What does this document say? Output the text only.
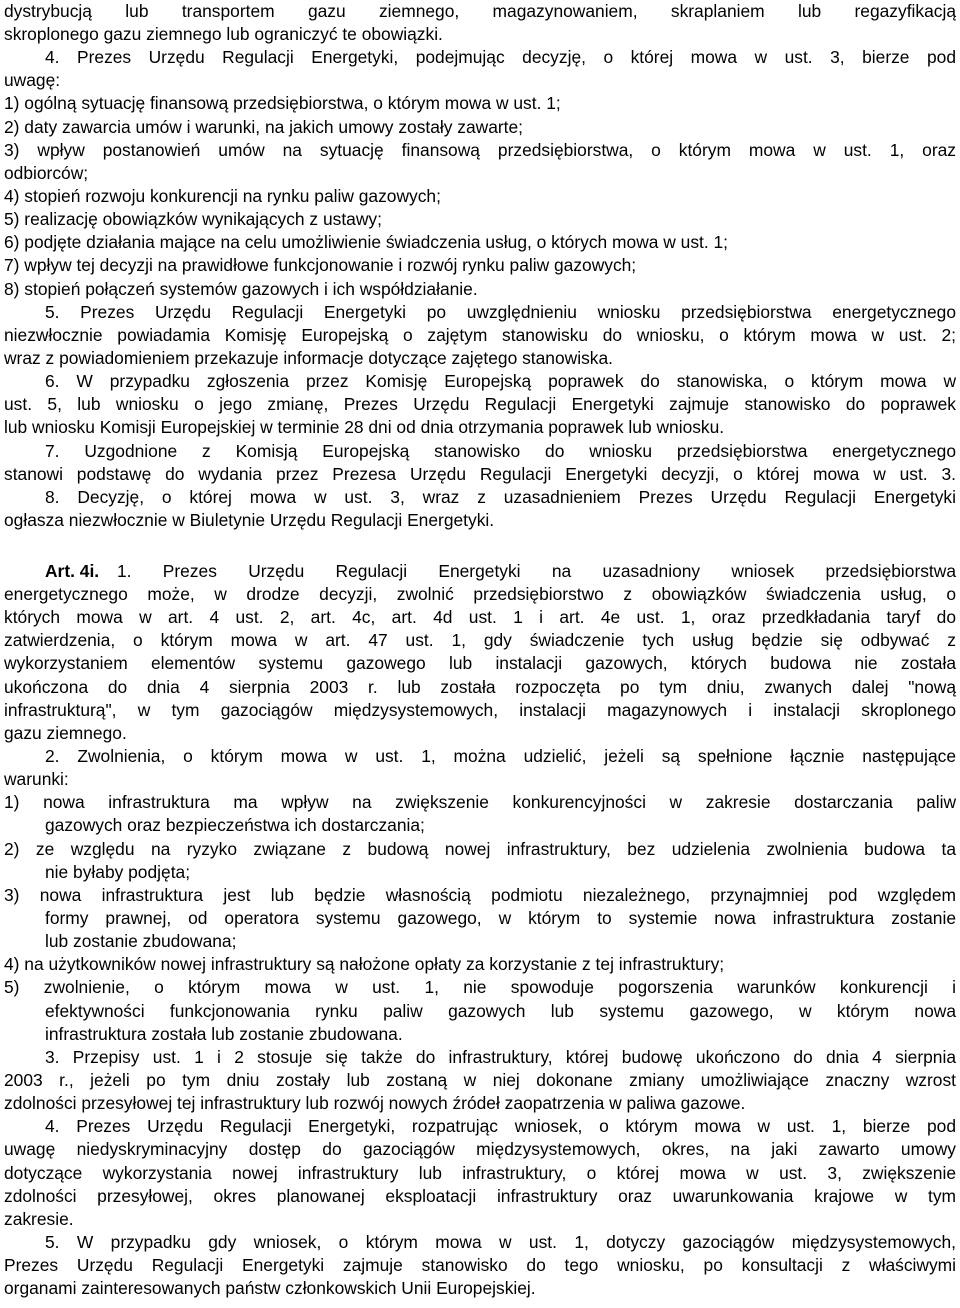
dystrybucją lub transportem gazu ziemnego, magazynowaniem, skraplaniem lub regazyfikacją
skroplonego gazu ziemnego lub ograniczyć te obowiązki.
4. Prezes Urzędu Regulacji Energetyki, podejmując decyzję, o której mowa w ust. 3, bierze pod
uwagę:
1) ogólną sytuację finansową przedsiębiorstwa, o którym mowa w ust. 1;
2) daty zawarcia umów i warunki, na jakich umowy zostały zawarte;
3) wpływ postanowień umów na sytuację finansową przedsiębiorstwa, o którym mowa w ust. 1, oraz
odbiorców;
4) stopień rozwoju konkurencji na rynku paliw gazowych;
5) realizację obowiązków wynikających z ustawy;
6) podjęte działania mające na celu umożliwienie świadczenia usług, o których mowa w ust. 1;
7) wpływ tej decyzji na prawidłowe funkcjonowanie i rozwój rynku paliw gazowych;
8) stopień połączeń systemów gazowych i ich współdziałanie.
5. Prezes Urzędu Regulacji Energetyki po uwzględnieniu wniosku przedsiębiorstwa energetycznego
niezwłocznie powiadamia Komisję Europejską o zajętym stanowisku do wniosku, o którym mowa w ust. 2;
wraz z powiadomieniem przekazuje informacje dotyczące zajętego stanowiska.
6. W przypadku zgłoszenia przez Komisję Europejską poprawek do stanowiska, o którym mowa w
ust. 5, lub wniosku o jego zmianę, Prezes Urzędu Regulacji Energetyki zajmuje stanowisko do poprawek
lub wniosku Komisji Europejskiej w terminie 28 dni od dnia otrzymania poprawek lub wniosku.
7. Uzgodnione z Komisją Europejską stanowisko do wniosku przedsiębiorstwa energetycznego
stanowi podstawę do wydania przez Prezesa Urzędu Regulacji Energetyki decyzji, o której mowa w ust. 3.
8. Decyzję, o której mowa w ust. 3, wraz z uzasadnieniem Prezes Urzędu Regulacji Energetyki
ogłasza niezwłocznie w Biuletynie Urzędu Regulacji Energetyki.
Art. 4i.	1. Prezes Urzędu Regulacji Energetyki na uzasadniony wniosek przedsiębiorstwa
energetycznego może, w drodze decyzji, zwolnić przedsiębiorstwo z obowiązków świadczenia usług, o
których mowa w art. 4 ust. 2, art. 4c, art. 4d ust. 1 i art. 4e ust. 1, oraz przedkładania taryf do
zatwierdzenia, o którym mowa w art. 47 ust. 1, gdy świadczenie tych usług będzie się odbywać z
wykorzystaniem elementów systemu gazowego lub instalacji gazowych, których budowa nie została
ukończona do dnia 4 sierpnia 2003 r. lub została rozpoczęta po tym dniu, zwanych dalej "nową
infrastrukturą", w tym gazociągów międzysystemowych, instalacji magazynowych i instalacji skroplonego
gazu ziemnego.
2. Zwolnienia, o którym mowa w ust. 1, można udzielić, jeżeli są spełnione łącznie następujące
warunki:
1) nowa infrastruktura ma wpływ na zwiększenie konkurencyjności w zakresie dostarczania paliw
gazowych oraz bezpieczeństwa ich dostarczania;
2) ze względu na ryzyko związane z budową nowej infrastruktury, bez udzielenia zwolnienia budowa ta
nie byłaby podjęta;
3) nowa infrastruktura jest lub będzie własnością podmiotu niezależnego, przynajmniej pod względem
formy prawnej, od operatora systemu gazowego, w którym to systemie nowa infrastruktura zostanie
lub zostanie zbudowana;
4) na użytkowników nowej infrastruktury są nałożone opłaty za korzystanie z tej infrastruktury;
5) zwolnienie, o którym mowa w ust. 1, nie spowoduje pogorszenia warunków konkurencji i
efektywności funkcjonowania rynku paliw gazowych lub systemu gazowego, w którym nowa
infrastruktura została lub zostanie zbudowana.
3. Przepisy ust. 1 i 2 stosuje się także do infrastruktury, której budowę ukończono do dnia 4 sierpnia
2003 r., jeżeli po tym dniu zostały lub zostaną w niej dokonane zmiany umożliwiające znaczny wzrost
zdolności przesyłowej tej infrastruktury lub rozwój nowych źródeł zaopatrzenia w paliwa gazowe.
4. Prezes Urzędu Regulacji Energetyki, rozpatrując wniosek, o którym mowa w ust. 1, bierze pod
uwagę niedyskryminacyjny dostęp do gazociągów międzysystemowych, okres, na jaki zawarto umowy
dotyczące wykorzystania nowej infrastruktury lub infrastruktury, o której mowa w ust. 3, zwiększenie
zdolności przesyłowej, okres planowanej eksploatacji infrastruktury oraz uwarunkowania krajowe w tym
zakresie.
5. W przypadku gdy wniosek, o którym mowa w ust. 1, dotyczy gazociągów międzysystemowych,
Prezes Urzędu Regulacji Energetyki zajmuje stanowisko do tego wniosku, po konsultacji z właściwymi
organami zainteresowanych państw członkowskich Unii Europejskiej.
